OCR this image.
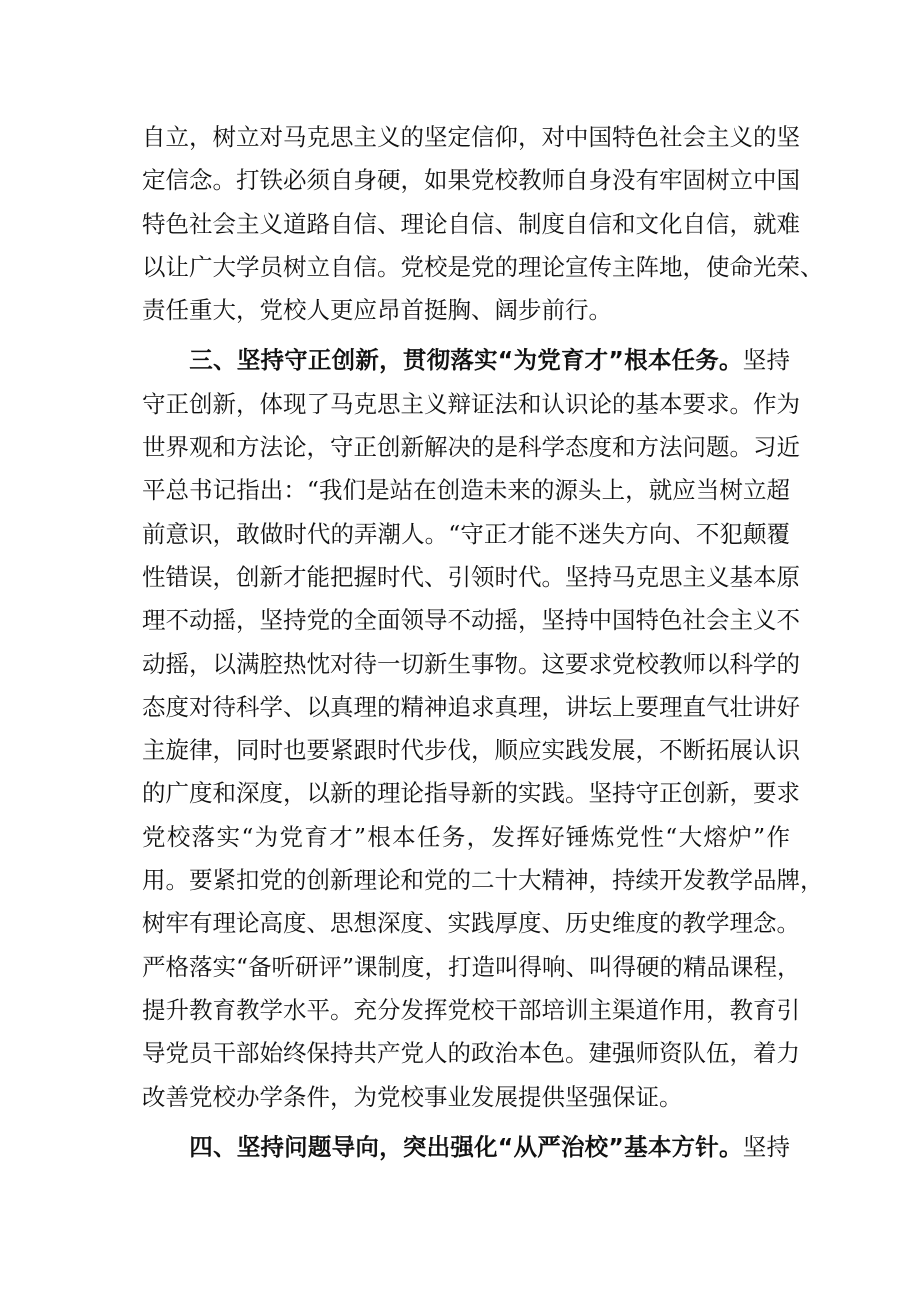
自立，树立对马克思主义的坚定信仰，对中国特色社会主义的坚
定信念。打铁必须自身硬，如果党校教师自身没有牢固树立中国
特色社会主义道路自信、理论自信、制度自信和文化自信，就难
以让广大学员树立自信。党校是党的理论宣传主阵地，使命光荣、
责任重大，党校人更应昂首挺胸、阔步前行。
三、坚持守正创新，贯彻落实“为党育才”根本任务。坚持
守正创新，体现了马克思主义辩证法和认识论的基本要求。作为
世界观和方法论，守正创新解决的是科学态度和方法问题。习近
平总书记指出：“我们是站在创造未来的源头上，就应当树立超
前意识，敢做时代的弄潮人。“守正才能不迷失方向、不犯颠覆
性错误，创新才能把握时代、引领时代。坚持马克思主义基本原
理不动摇，坚持党的全面领导不动摇，坚持中国特色社会主义不
动摇，以满腔热忱对待一切新生事物。这要求党校教师以科学的
态度对待科学、以真理的精神追求真理，讲坛上要理直气壮讲好
主旋律，同时也要紧跟时代步伐，顺应实践发展，不断拓展认识
的广度和深度，以新的理论指导新的实践。坚持守正创新，要求
党校落实“为党育才”根本任务，发挥好锤炼党性“大熔炉”作
用。要紧扣党的创新理论和党的二十大精神，持续开发教学品牌，
树牢有理论高度、思想深度、实践厚度、历史维度的教学理念。
严格落实“备听研评”课制度，打造叫得响、叫得硬的精品课程，
提升教育教学水平。充分发挥党校干部培训主渠道作用，教育引
导党员干部始终保持共产党人的政治本色。建强师资队伍，着力
改善党校办学条件，为党校事业发展提供坚强保证。
四、坚持问题导向，突出强化“从严治校”基本方针。坚持
